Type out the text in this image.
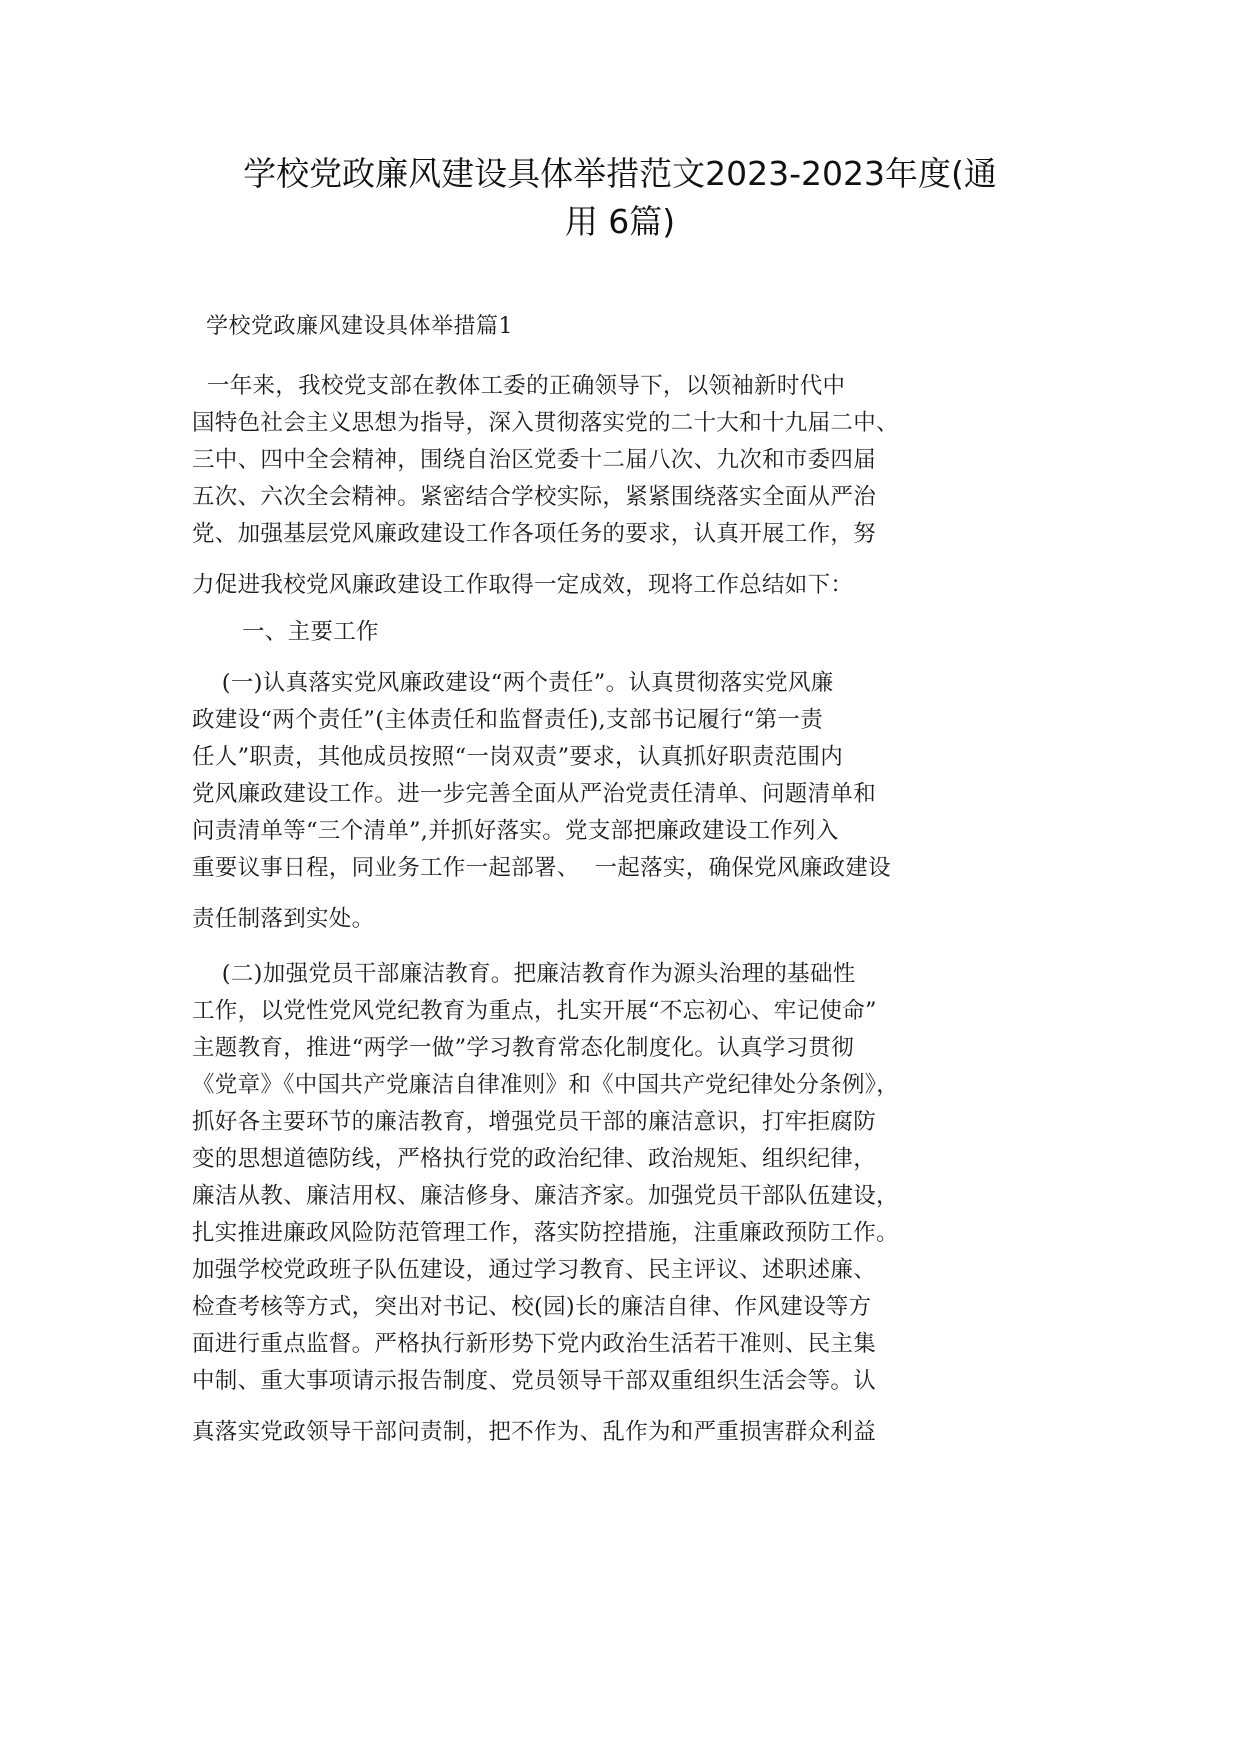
学校党政廉风建设具体举措范文2023-2023年度(通
用 6篇)

学校党政廉风建设具体举措篇1

一年来，我校党支部在教体工委的正确领导下，以领袖新时代中
国特色社会主义思想为指导，深入贯彻落实党的二十大和十九届二中、
三中、四中全会精神，围绕自治区党委十二届八次、九次和市委四届
五次、六次全会精神。紧密结合学校实际，紧紧围绕落实全面从严治
党、加强基层党风廉政建设工作各项任务的要求，认真开展工作，努
力促进我校党风廉政建设工作取得一定成效，现将工作总结如下：

一、主要工作

(一)认真落实党风廉政建设“两个责任”。认真贯彻落实党风廉
政建设“两个责任”(主体责任和监督责任),支部书记履行“第一责
任人”职责，其他成员按照“一岗双责”要求，认真抓好职责范围内
党风廉政建设工作。进一步完善全面从严治党责任清单、问题清单和
问责清单等“三个清单”,并抓好落实。党支部把廉政建设工作列入
重要议事日程，同业务工作一起部署、  一起落实，确保党风廉政建设
责任制落到实处。

(二)加强党员干部廉洁教育。把廉洁教育作为源头治理的基础性
工作，以党性党风党纪教育为重点，扎实开展“不忘初心、牢记使命”
主题教育，推进“两学一做”学习教育常态化制度化。认真学习贯彻
《党章》《中国共产党廉洁自律准则》和《中国共产党纪律处分条例》，
抓好各主要环节的廉洁教育，增强党员干部的廉洁意识，打牢拒腐防
变的思想道德防线，严格执行党的政治纪律、政治规矩、组织纪律，
廉洁从教、廉洁用权、廉洁修身、廉洁齐家。加强党员干部队伍建设，
扎实推进廉政风险防范管理工作，落实防控措施，注重廉政预防工作。
加强学校党政班子队伍建设，通过学习教育、民主评议、述职述廉、
检查考核等方式，突出对书记、校(园)长的廉洁自律、作风建设等方
面进行重点监督。严格执行新形势下党内政治生活若干准则、民主集
中制、重大事项请示报告制度、党员领导干部双重组织生活会等。认
真落实党政领导干部问责制，把不作为、乱作为和严重损害群众利益
